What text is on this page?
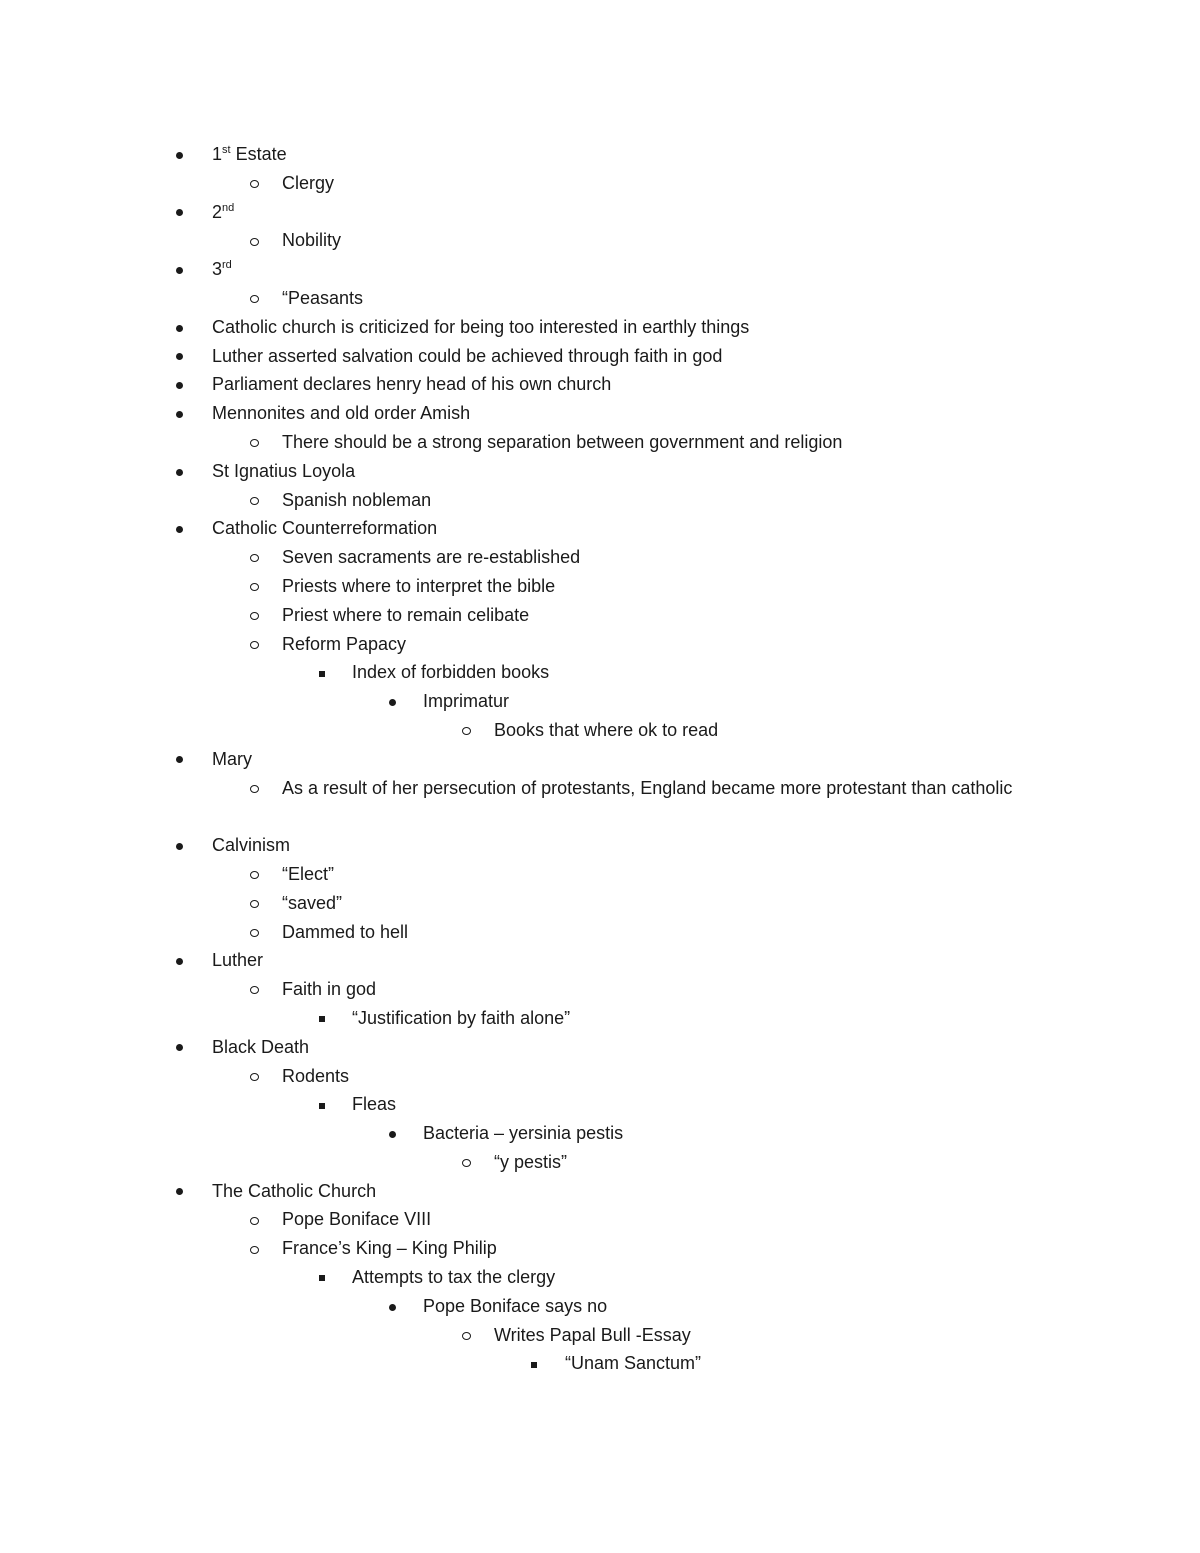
1st Estate
Clergy
2nd
Nobility
3rd
“Peasants
Catholic church is criticized for being too interested in earthly things
Luther asserted salvation could be achieved through faith in god
Parliament declares henry head of his own church
Mennonites and old order Amish
There should be a strong separation between government and religion
St Ignatius Loyola
Spanish nobleman
Catholic Counterreformation
Seven sacraments are re-established
Priests where to interpret the bible
Priest where to remain celibate
Reform Papacy
Index of forbidden books
Imprimatur
Books that where ok to read
Mary
As a result of her persecution of protestants, England became more protestant than catholic
Calvinism
“Elect”
“saved”
Dammed to hell
Luther
Faith in god
“Justification by faith alone”
Black Death
Rodents
Fleas
Bacteria – yersinia pestis
“y pestis”
The Catholic Church
Pope Boniface VIII
France’s King – King Philip
Attempts to tax the clergy
Pope Boniface says no
Writes Papal Bull -Essay
“Unam Sanctum”
